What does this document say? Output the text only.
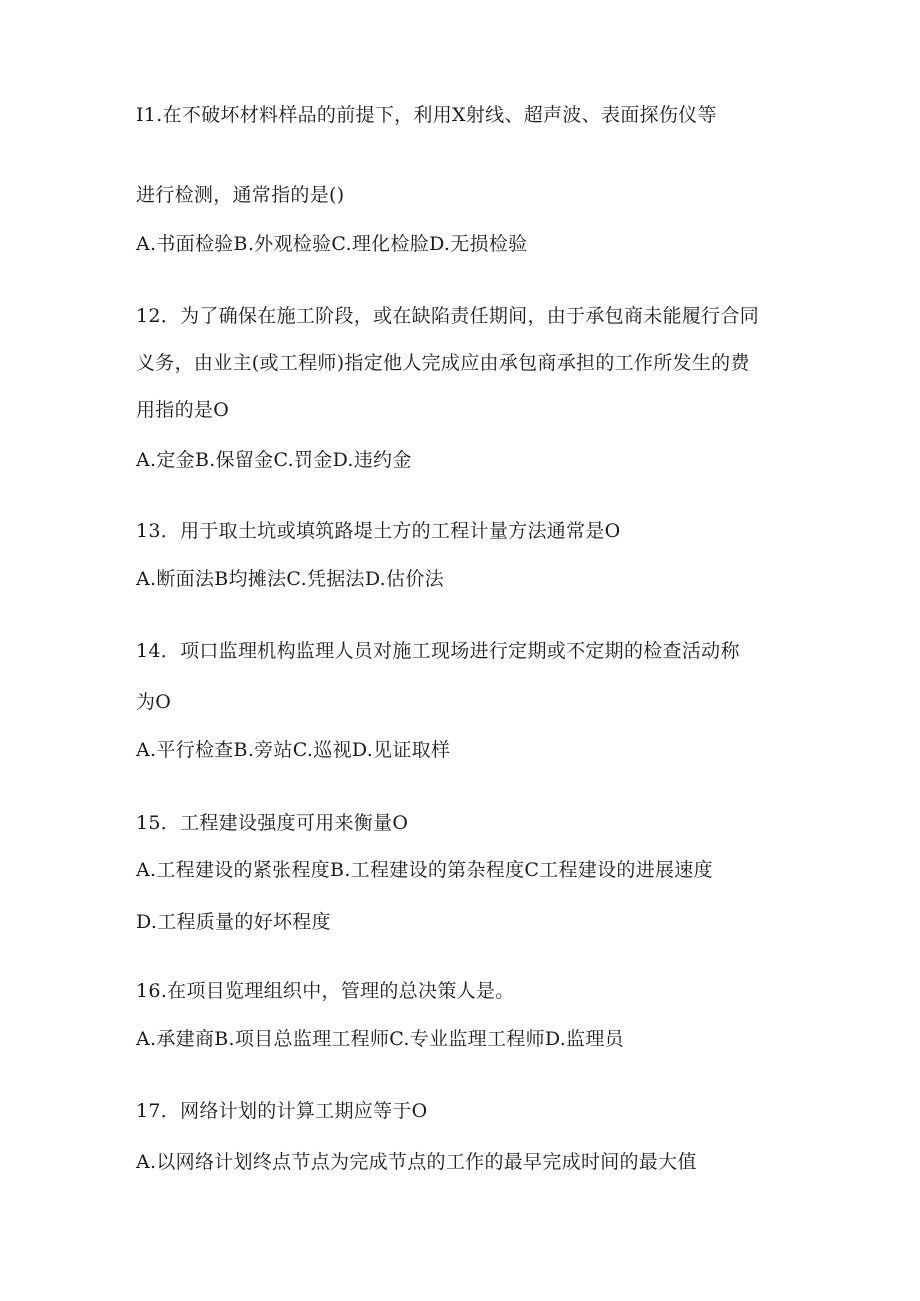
I1.在不破坏材料样品的前提下，利用X射线、超声波、表面探伤仪等
进行检测，通常指的是()
A.书面检验B.外观检验C.理化检脸D.无损检验
12．为了确保在施工阶段，或在缺陷责任期间，由于承包商未能履行合同
义务，由业主(或工程师)指定他人完成应由承包商承担的工作所发生的费
用指的是O
A.定金B.保留金C.罚金D.违约金
13．用于取土坑或填筑路堤土方的工程计量方法通常是O
A.断面法B均摊法C.凭据法D.估价法
14．项口监理机构监理人员对施工现场进行定期或不定期的检查活动称
为O
A.平行检查B.旁站C.巡视D.见证取样
15．工程建设强度可用来衡量O
A.工程建设的紧张程度B.工程建设的第杂程度C工程建设的进展速度
D.工程质量的好坏程度
16.在项目览理组织中，管理的总决策人是。
A.承建商B.项目总监理工程师C.专业监理工程师D.监理员
17．网络计划的计算工期应等于O
A.以网络计划终点节点为完成节点的工作的最早完成时间的最大值
